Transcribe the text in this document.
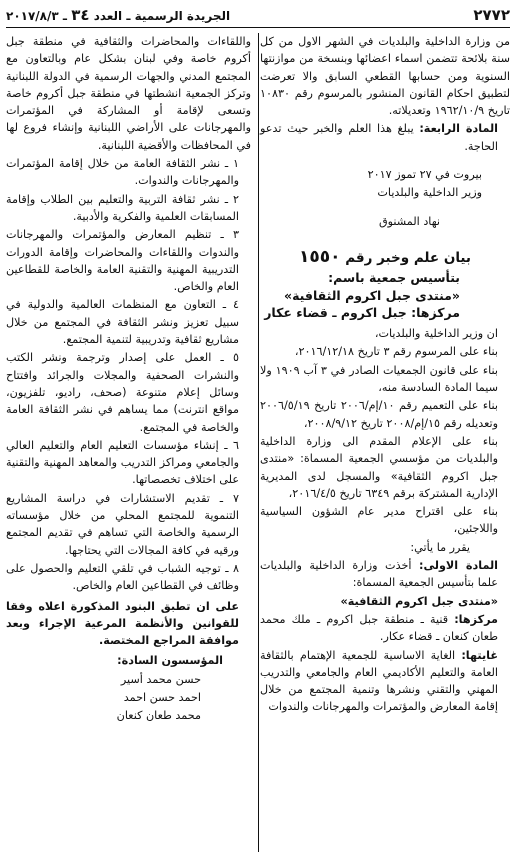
٢٧٧٢
الجريدة الرسمية ـ العدد ٣٤ ـ ٢٠١٧/٨/٣

من وزارة الداخلية والبلديات في الشهر الاول من كل سنة بلائحة تتضمن اسماء اعضائها وبنسخة من موازنتها السنوية ومن حسابها القطعي السابق والا تعرضت لتطبيق احكام القانون المنشور بالمرسوم رقم ١٠٨٣٠ تاريخ ١٩٦٢/١٠/٩ وتعديلاته.

المادة الرابعة: يبلغ هذا العلم والخبر حيث تدعو الحاجة.

بيروت في ٢٧ تموز ٢٠١٧

وزير الداخلية والبلديات

نهاد المشنوق

بيان علم وخبر رقم ١٥٥٠

بتأسيس جمعية باسم:

«منتدى جبل اكروم الثقافية»

مركزها: جبل اكروم ـ قضاء عكار

ان وزير الداخلية والبلديات،

بناء على المرسوم رقم ٣ تاريخ ٢٠١٦/١٢/١٨،

بناء على قانون الجمعيات الصادر في ٣ آب ١٩٠٩ ولا سيما المادة السادسة منه،

بناء على التعميم رقم ١٠/إم/٢٠٠٦ تاريخ ٢٠٠٦/٥/١٩ وتعديله رقم ١٥/إم/٢٠٠٨ تاريخ ٢٠٠٨/٩/١٢،

بناء على الإعلام المقدم الى وزارة الداخلية والبلديات من مؤسسي الجمعية المسماة: «منتدى جبل اكروم الثقافية» والمسجل لدى المديرية الإدارية المشتركة برقم ٦٣٤٩ تاريخ ٢٠١٦/٤/٥،

بناء على اقتراح مدير عام الشؤون السياسية واللاجئين،

يقرر ما يأتي:

المادة الاولى: أخذت وزارة الداخلية والبلديات علما بتأسيس الجمعية المسماة:

«منتدى جبل اكروم الثقافية»

مركزها: قنية ـ منطقة جبل اكروم ـ ملك محمد طعان كنعان ـ قضاء عكار.

غايتها: الغاية الاساسية للجمعية الإهتمام بالثقافة العامة والتعليم الأكاديمي العام والجامعي والتدريب المهني والتقني ونشرها وتنمية المجتمع من خلال إقامة المعارض والمؤتمرات والمهرجانات والندوات

واللقاءات والمحاضرات والثقافية في منطقة جبل أكروم خاصة وفي لبنان بشكل عام وبالتعاون مع المجتمع المدني والجهات الرسمية في الدولة اللبنانية وتركز الجمعية انشطتها في منطقة جبل أكروم خاصة وتسعى لإقامة أو المشاركة في المؤتمرات والمهرجانات على الأراضي اللبنانية وإنشاء فروع لها في المحافظات والأقضية اللبنانية.

١ ـ نشر الثقافة العامة من خلال إقامة المؤتمرات والمهرجانات والندوات.

٢ ـ نشر ثقافة التربية والتعليم بين الطلاب وإقامة المسابقات العلمية والفكرية والأدبية.

٣ ـ تنظيم المعارض والمؤتمرات والمهرجانات والندوات واللقاءات والمحاضرات وإقامة الدورات التدريبية المهنية والتقنية العامة والخاصة للقطاعين العام والخاص.

٤ ـ التعاون مع المنظمات العالمية والدولية في سبيل تعزيز ونشر الثقافة في المجتمع من خلال مشاريع ثقافية وتدريبية لتنمية المجتمع.

٥ ـ العمل على إصدار وترجمة ونشر الكتب والنشرات الصحفية والمجلات والجرائد وافتتاح وسائل إعلام متنوعة (صحف، راديو، تلفزيون، مواقع انترنت) مما يساهم في نشر الثقافة العامة والخاصة في المجتمع.

٦ ـ إنشاء مؤسسات التعليم العام والتعليم العالي والجامعي ومراكز التدريب والمعاهد المهنية والتقنية على اختلاف تخصصاتها.

٧ ـ تقديم الاستشارات في دراسة المشاريع التنموية للمجتمع المحلي من خلال مؤسساته الرسمية والخاصة التي تساهم في تقديم المجتمع ورقيه في كافة المجالات التي يحتاجها.

٨ ـ توجيه الشباب في تلقي التعليم والحصول على وظائف في القطاعين العام والخاص.

على ان تطبق البنود المذكورة اعلاه وفقا للقوانين والأنظمة المرعية الإجراء وبعد موافقة المراجع المختصة.

المؤسسون السادة:

حسن محمد أسير

احمد حسن احمد

محمد طعان كنعان
